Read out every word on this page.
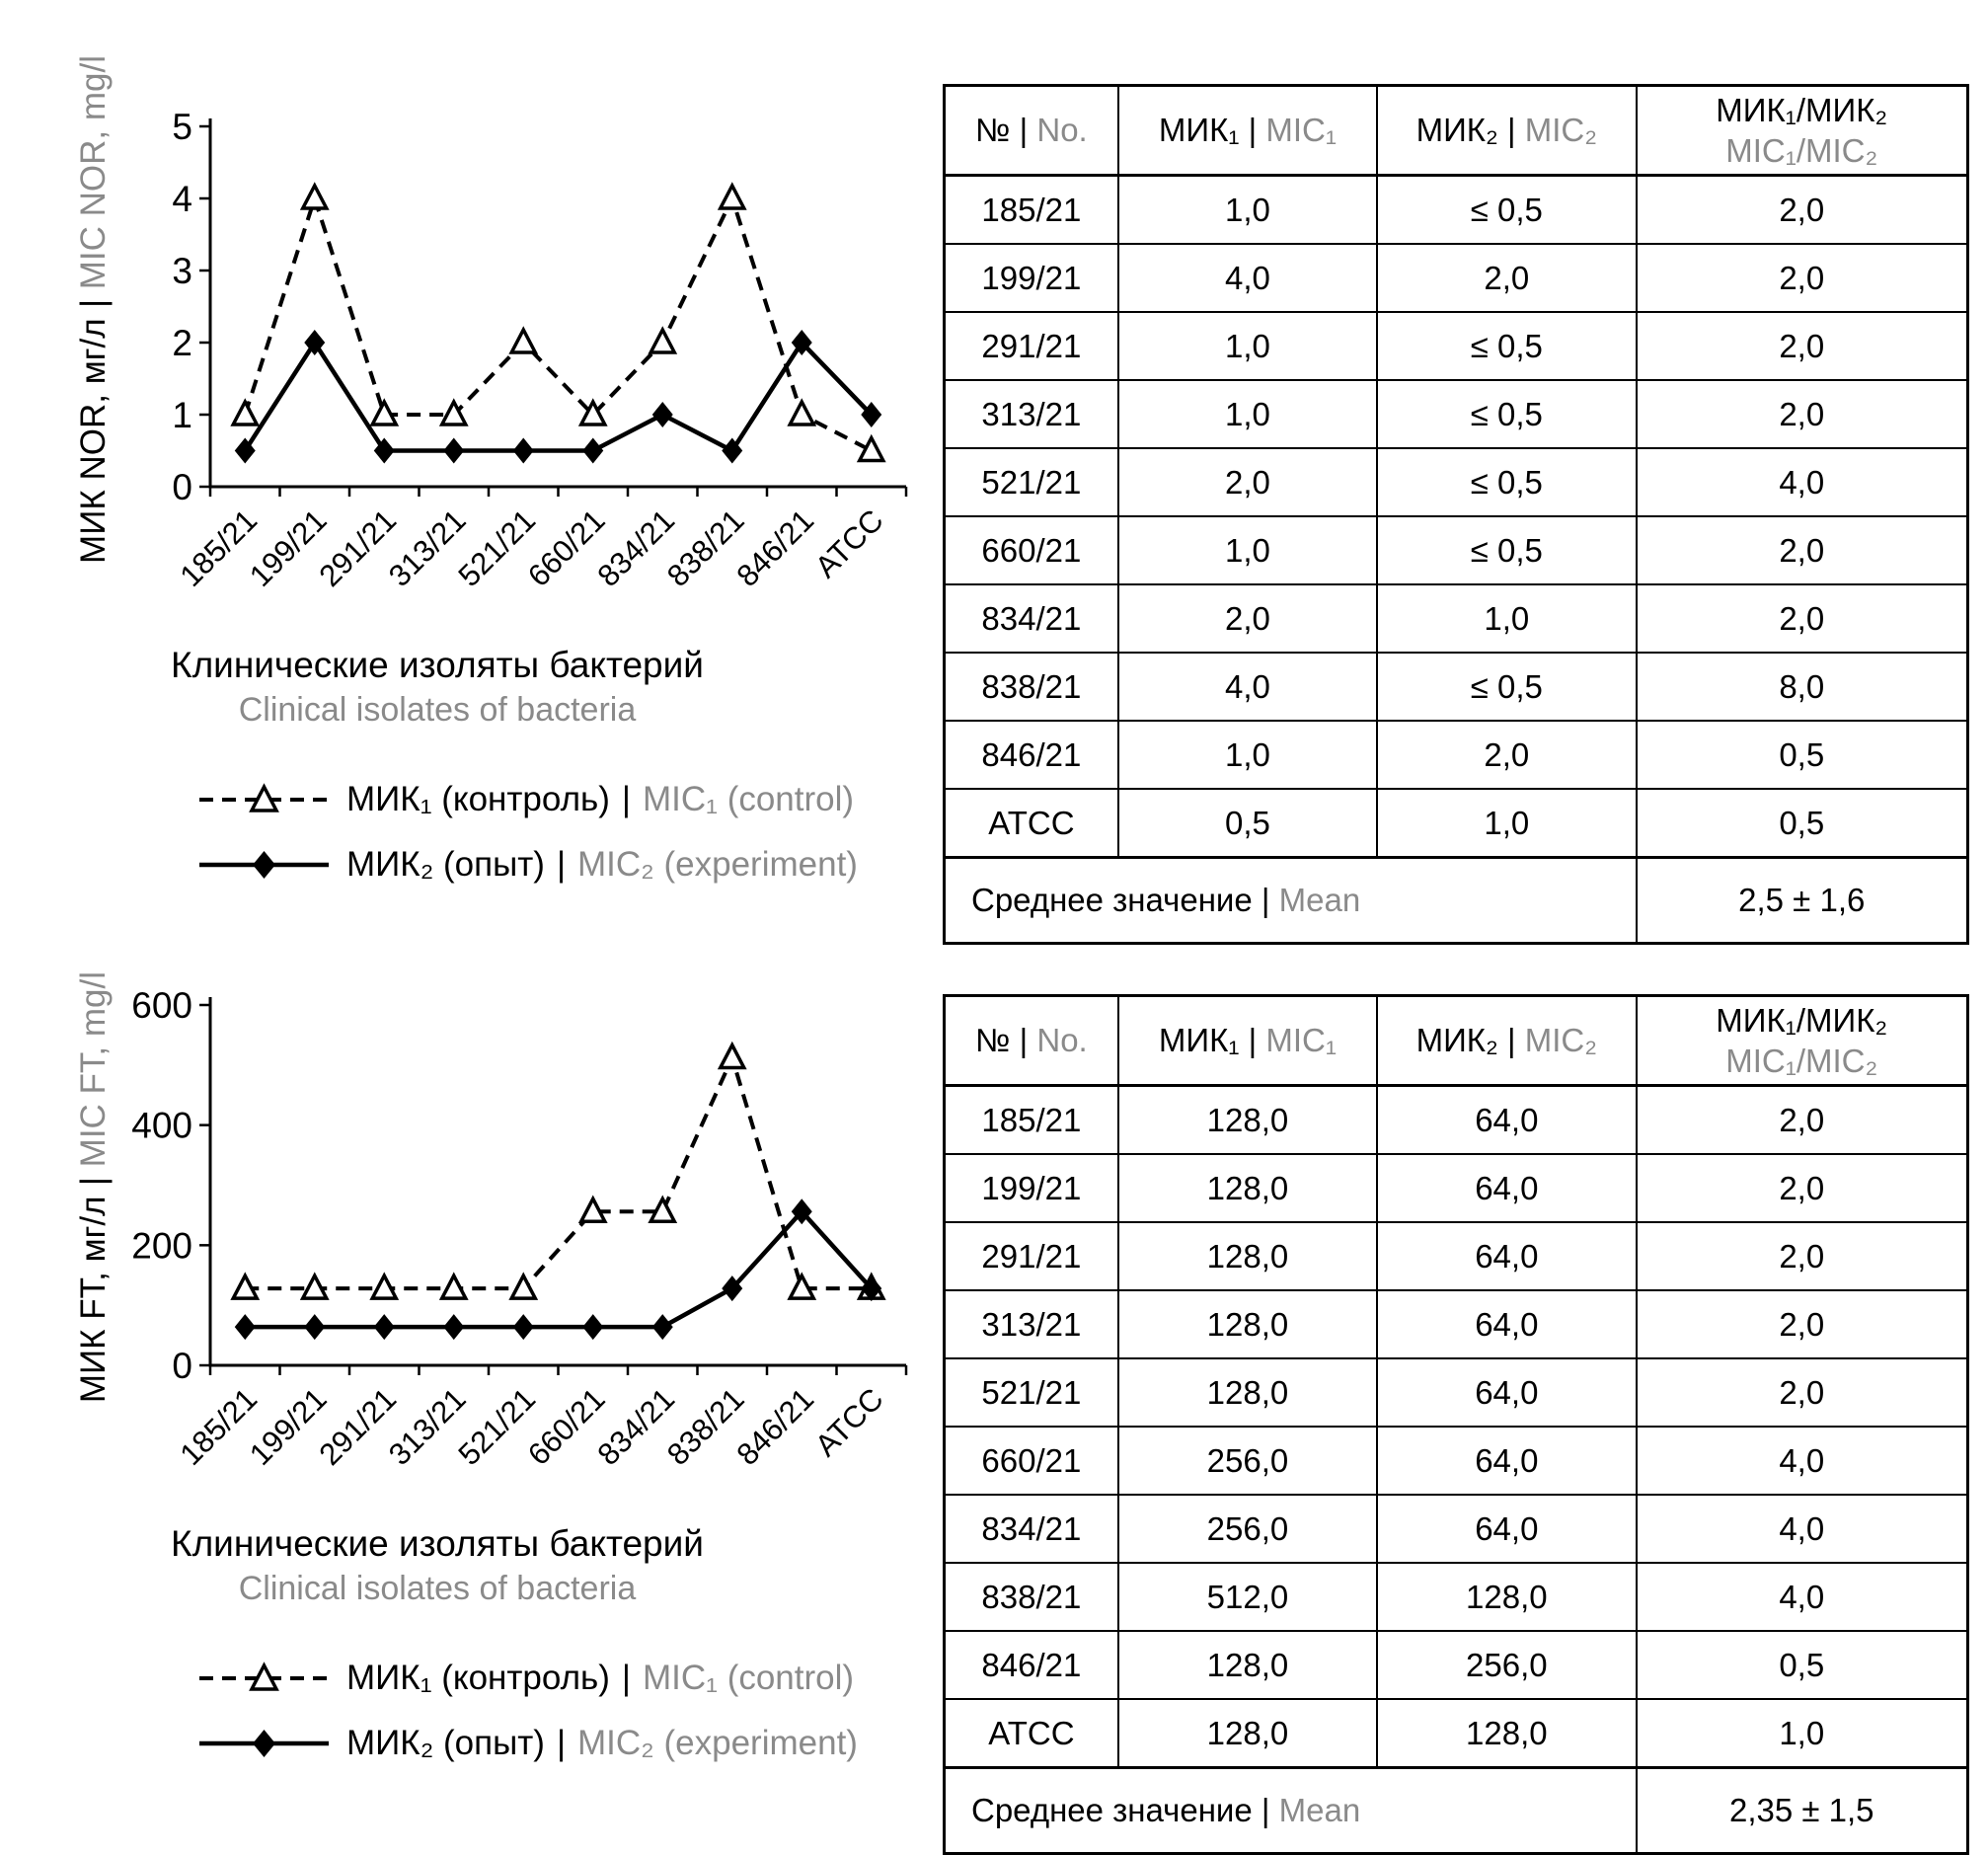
МИК NOR, мг/л|MIC NOR, mg/l
0
1
2
3
4
5
185/21
199/21
291/21
313/21
521/21
660/21
834/21
838/21
846/21
ATCC
Клинические изоляты бактерий
Clinical isolates of bacteria
МИК₁ (контроль) | MIC₁ (control)
МИК₂ (опыт) | MIC₂ (experiment)
МИК FT, мг/л|MIC FT, mg/l
0
200
400
600
185/21
199/21
291/21
313/21
521/21
660/21
834/21
838/21
846/21
ATCC
Клинические изоляты бактерий
Clinical isolates of bacteria
МИК₁ (контроль) | MIC₁ (control)
МИК₂ (опыт) | MIC₂ (experiment)
№ | No.	МИК₁ | MIC₁	МИК₂ | MIC₂	МИК₁/МИК₂
MIC₁/MIC₂

185/21	1,0	≤ 0,5	2,0
199/21	4,0	2,0	2,0
291/21	1,0	≤ 0,5	2,0
313/21	1,0	≤ 0,5	2,0
521/21	2,0	≤ 0,5	4,0
660/21	1,0	≤ 0,5	2,0
834/21	2,0	1,0	2,0
838/21	4,0	≤ 0,5	8,0
846/21	1,0	2,0	0,5
ATCC	0,5	1,0	0,5
Среднее значение | Mean			2,5 ± 1,6
№ | No.	МИК₁ | MIC₁	МИК₂ | MIC₂	МИК₁/МИК₂
MIC₁/MIC₂

185/21	128,0	64,0	2,0
199/21	128,0	64,0	2,0
291/21	128,0	64,0	2,0
313/21	128,0	64,0	2,0
521/21	128,0	64,0	2,0
660/21	256,0	64,0	4,0
834/21	256,0	64,0	4,0
838/21	512,0	128,0	4,0
846/21	128,0	256,0	0,5
ATCC	128,0	128,0	1,0
Среднее значение | Mean			2,35 ± 1,5
